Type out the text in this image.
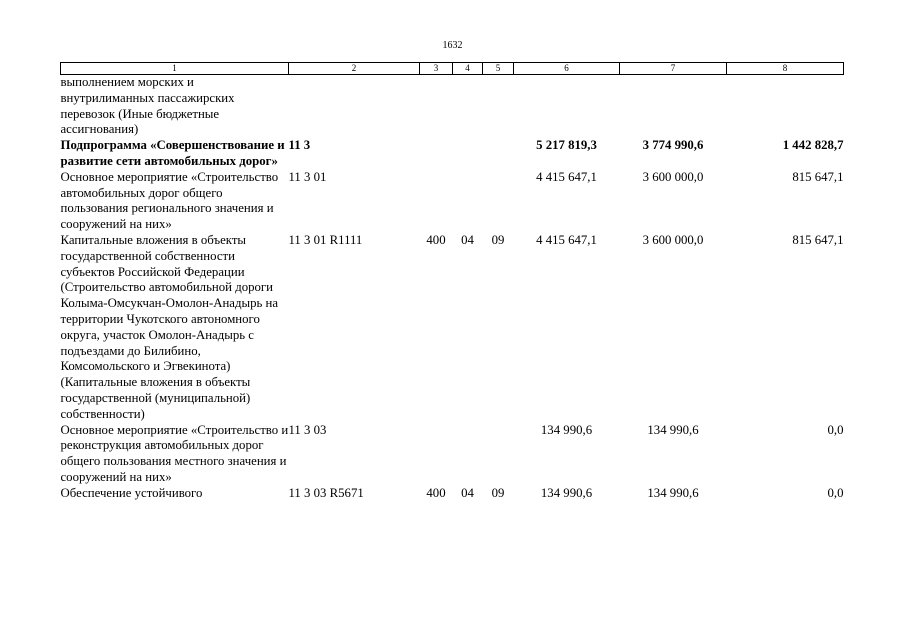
1632
1	2	3	4	5	6	7	8
выполнением морских и внутрилиманных пассажирских перевозок (Иные бюджетные ассигнования)							
Подпрограмма «Совершенствование и развитие сети автомобильных дорог»	11 3				5 217 819,3	3 774 990,6	1 442 828,7
Основное мероприятие «Строительство автомобильных дорог общего пользования регионального значения и сооружений на них»	11 3 01				4 415 647,1	3 600 000,0	815 647,1
Капитальные вложения в объекты государственной собственности субъектов Российской Федерации (Строительство автомобильной дороги Колыма-Омсукчан-Омолон-Анадырь на территории Чукотского автономного округа, участок Омолон-Анадырь с подъездами до Билибино, Комсомольского и Эгвекинота) (Капитальные вложения в объекты государственной (муниципальной) собственности)	11 3 01 R1111	400	04	09	4 415 647,1	3 600 000,0	815 647,1
Основное мероприятие «Строительство и реконструкция автомобильных дорог общего пользования местного значения и сооружений на них»	11 3 03				134 990,6	134 990,6	0,0
Обеспечение устойчивого	11 3 03 R5671	400	04	09	134 990,6	134 990,6	0,0
